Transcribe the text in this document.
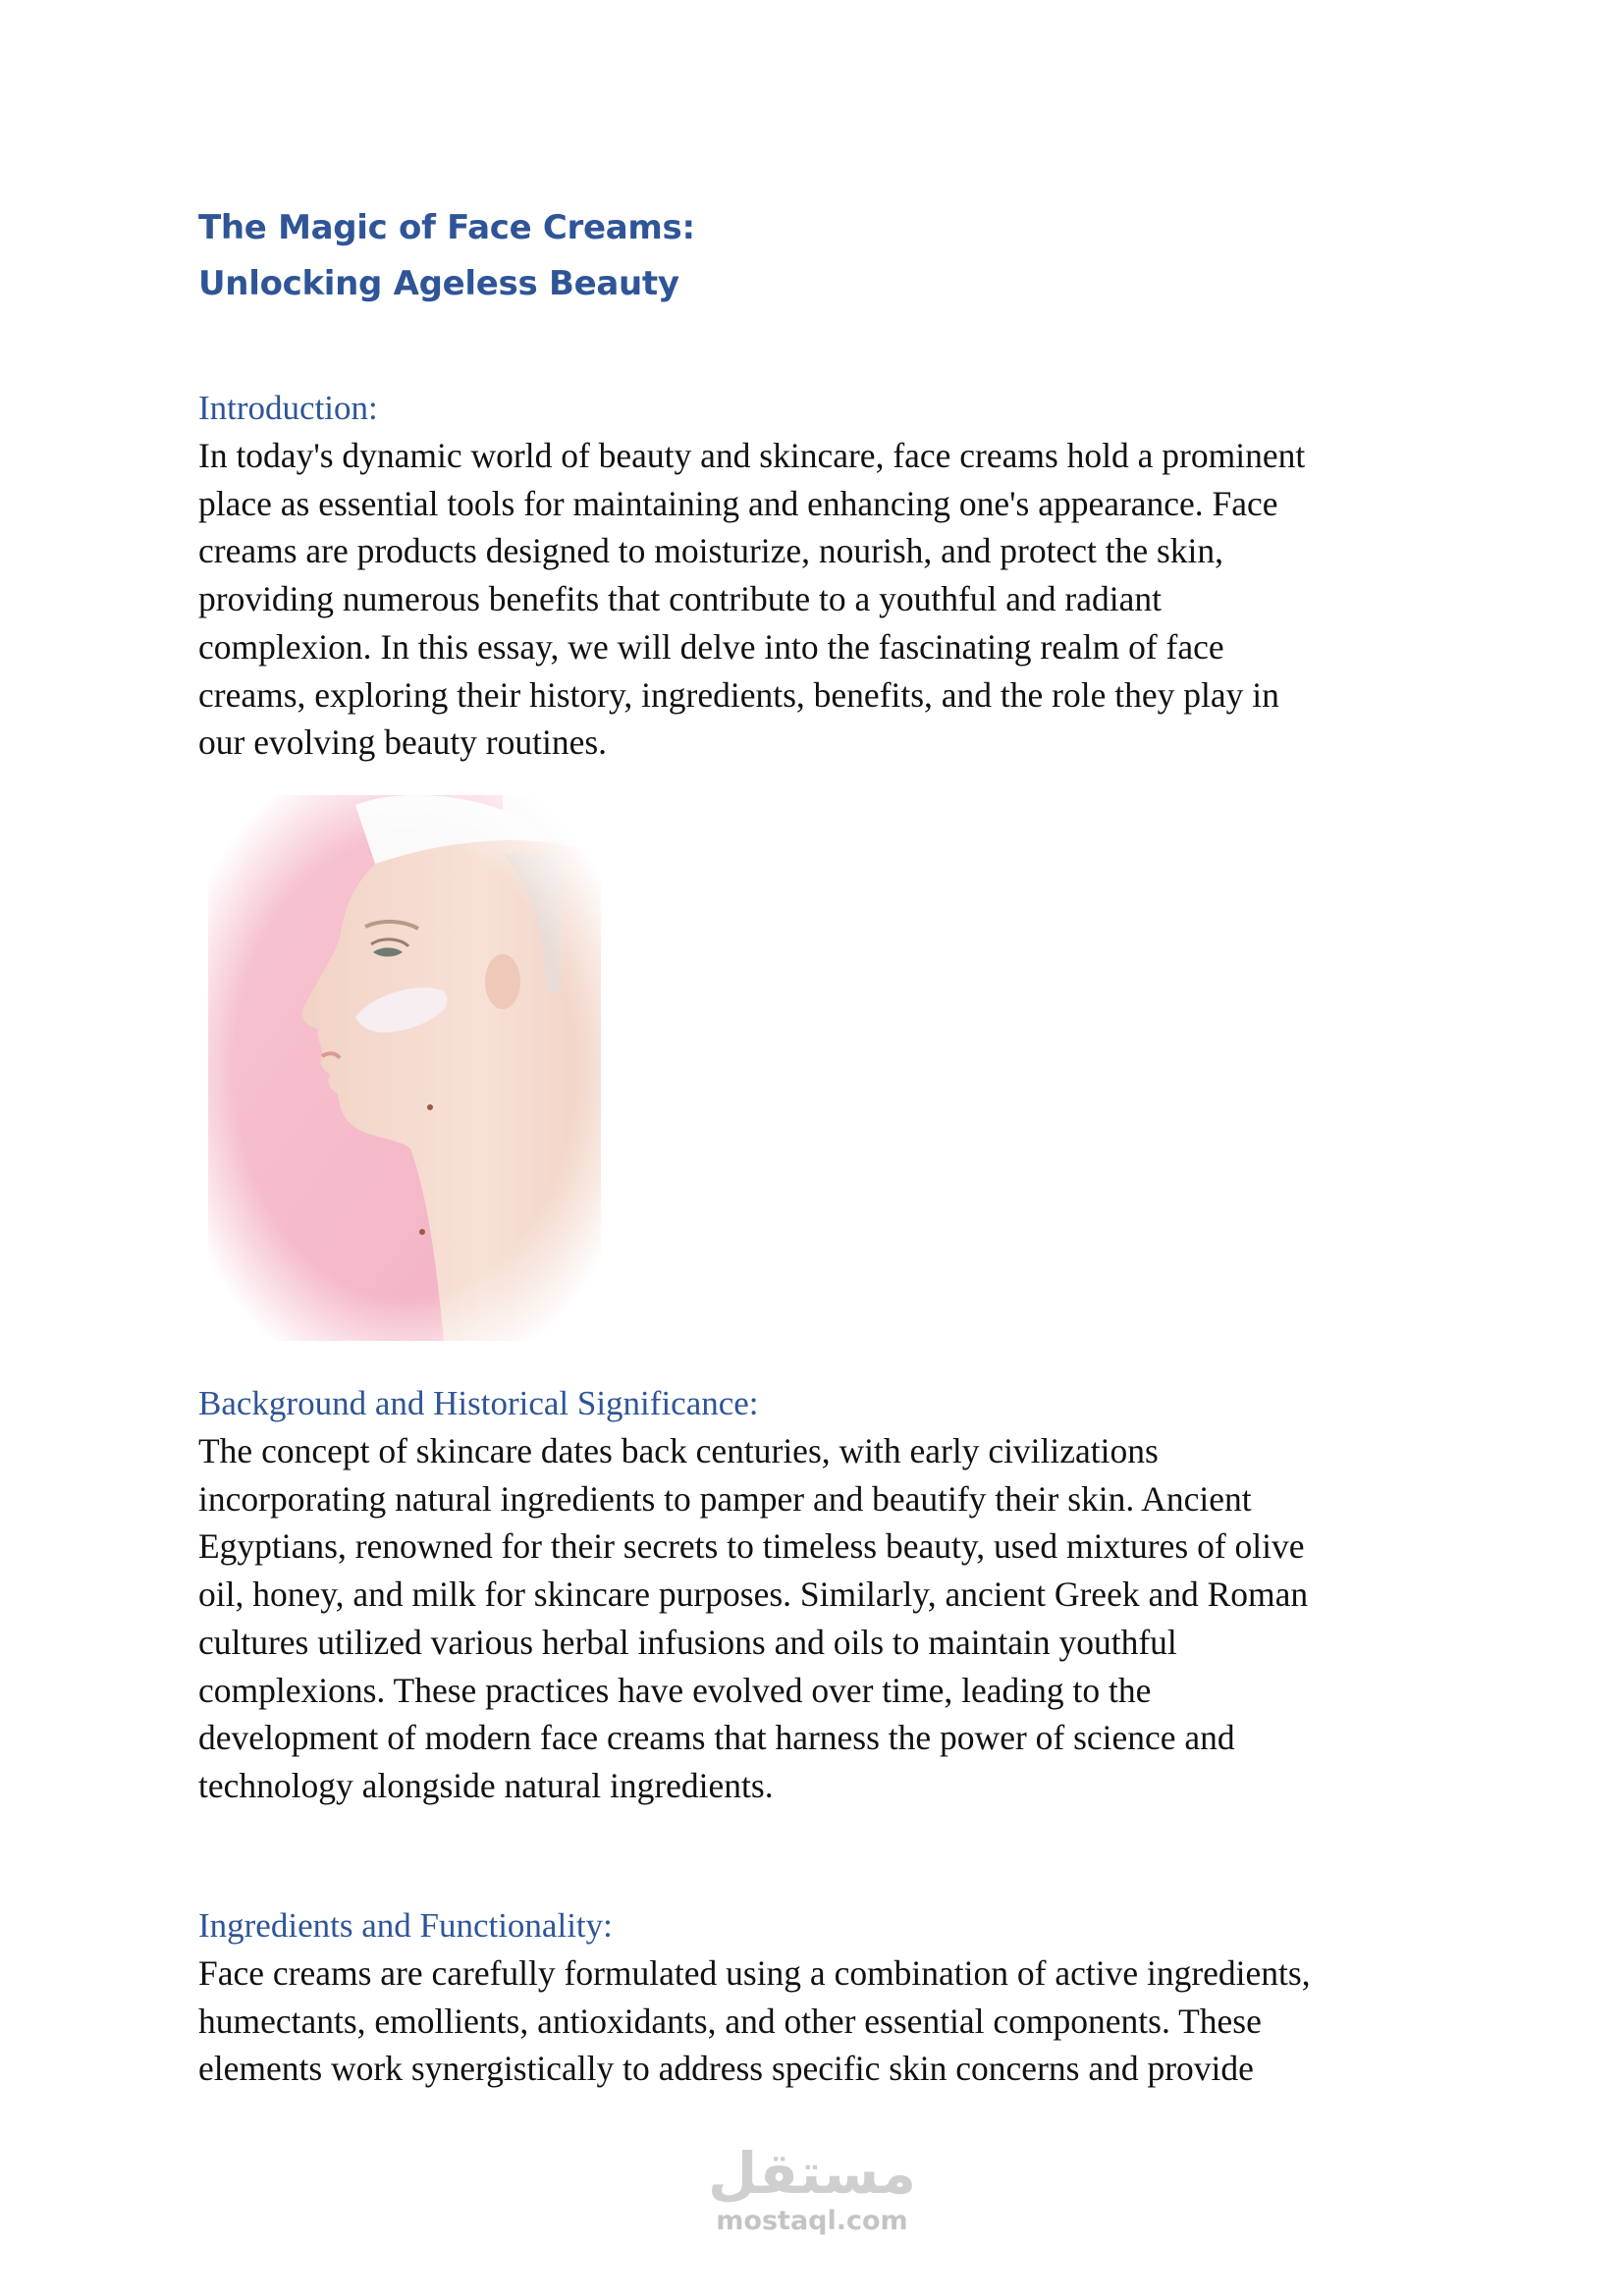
The Magic of Face Creams:
Unlocking Ageless Beauty
Introduction:

In today's dynamic world of beauty and skincare, face creams hold a prominent
place as essential tools for maintaining and enhancing one's appearance. Face
creams are products designed to moisturize, nourish, and protect the skin,
providing numerous benefits that contribute to a youthful and radiant
complexion. In this essay, we will delve into the fascinating realm of face
creams, exploring their history, ingredients, benefits, and the role they play in
our evolving beauty routines.

Background and Historical Significance:

The concept of skincare dates back centuries, with early civilizations
incorporating natural ingredients to pamper and beautify their skin. Ancient
Egyptians, renowned for their secrets to timeless beauty, used mixtures of olive
oil, honey, and milk for skincare purposes. Similarly, ancient Greek and Roman
cultures utilized various herbal infusions and oils to maintain youthful
complexions. These practices have evolved over time, leading to the
development of modern face creams that harness the power of science and
technology alongside natural ingredients.

Ingredients and Functionality:

Face creams are carefully formulated using a combination of active ingredients,
humectants, emollients, antioxidants, and other essential components. These
elements work synergistically to address specific skin concerns and provide

مستقل
mostaql.com
